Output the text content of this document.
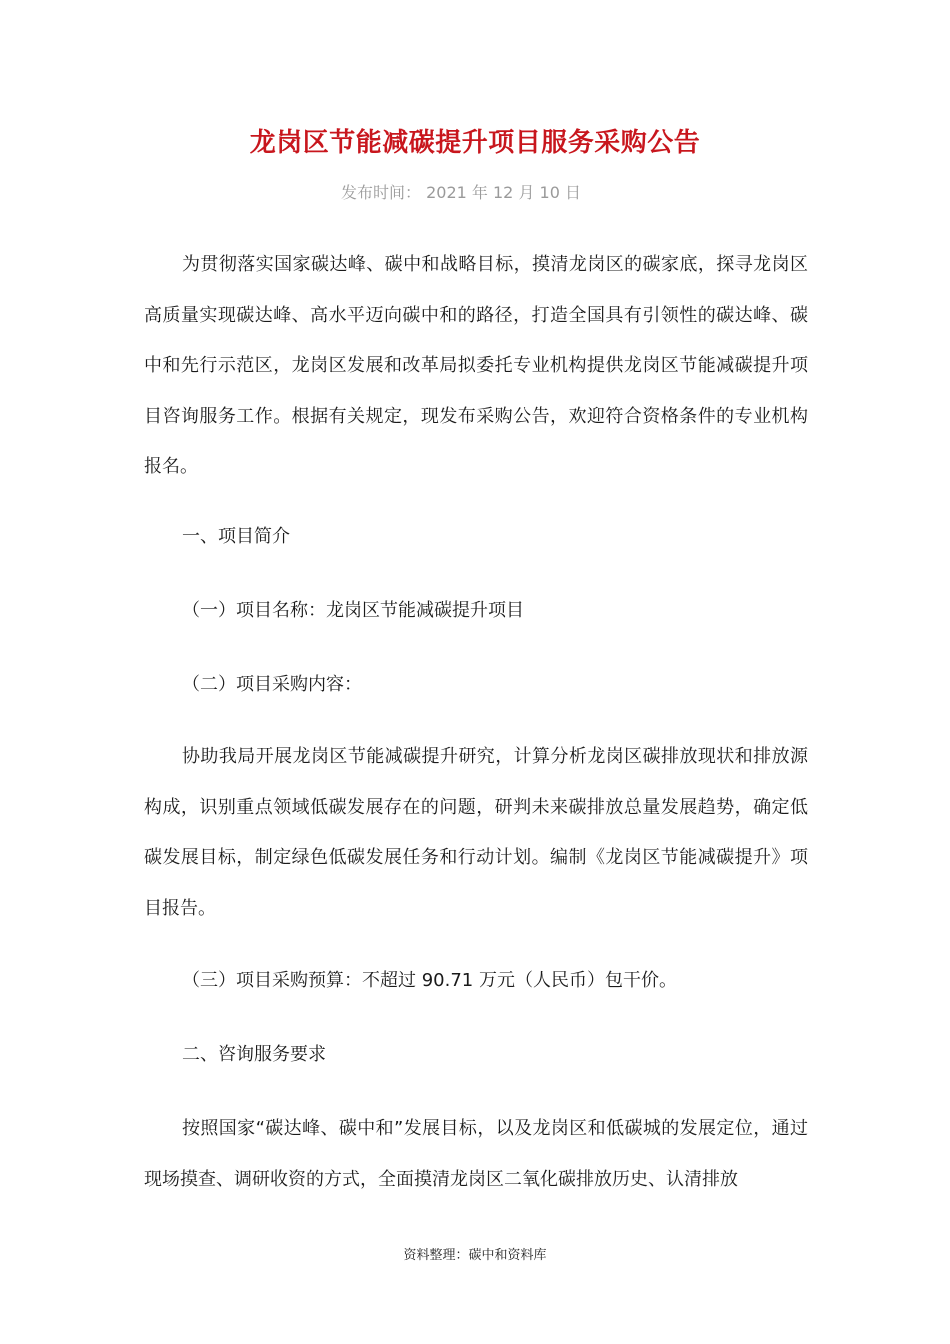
龙岗区节能减碳提升项目服务采购公告
发布时间： 2021 年 12 月 10 日

为贯彻落实国家碳达峰、碳中和战略目标，摸清龙岗区的碳家底，探寻龙岗区高质量实现碳达峰、高水平迈向碳中和的路径，打造全国具有引领性的碳达峰、碳中和先行示范区，龙岗区发展和改革局拟委托专业机构提供龙岗区节能减碳提升项目咨询服务工作。根据有关规定，现发布采购公告，欢迎符合资格条件的专业机构报名。

一、项目简介

（一）项目名称：龙岗区节能减碳提升项目

（二）项目采购内容：

协助我局开展龙岗区节能减碳提升研究，计算分析龙岗区碳排放现状和排放源构成，识别重点领域低碳发展存在的问题，研判未来碳排放总量发展趋势，确定低碳发展目标，制定绿色低碳发展任务和行动计划。编制《龙岗区节能减碳提升》项目报告。

（三）项目采购预算：不超过 90.71 万元（人民币）包干价。

二、咨询服务要求

按照国家“碳达峰、碳中和”发展目标，以及龙岗区和低碳城的发展定位，通过现场摸查、调研收资的方式，全面摸清龙岗区二氧化碳排放历史、认清排放

资料整理：碳中和资料库
